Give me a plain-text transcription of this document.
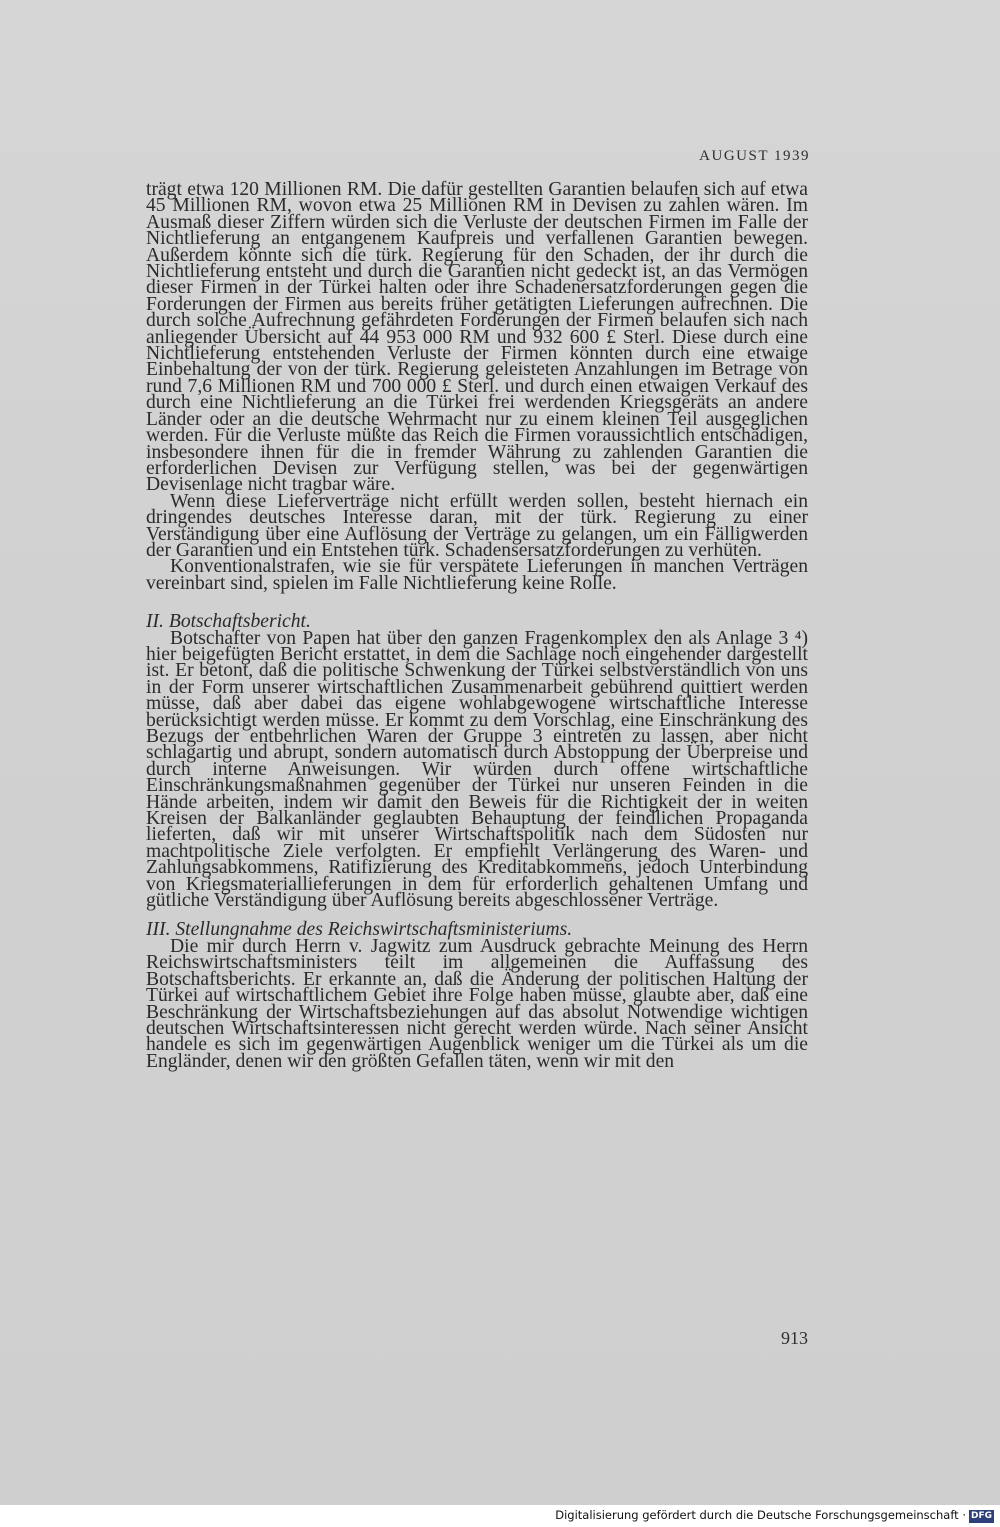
AUGUST 1939

trägt etwa 120 Millionen RM. Die dafür gestellten Garantien belaufen sich auf etwa 45 Millionen RM, wovon etwa 25 Millionen RM in Devisen zu zahlen wären. Im Ausmaß dieser Ziffern würden sich die Verluste der deutschen Firmen im Falle der Nichtlieferung an entgangenem Kaufpreis und verfallenen Garantien bewegen. Außerdem könnte sich die türk. Regierung für den Schaden, der ihr durch die Nichtlieferung entsteht und durch die Garantien nicht gedeckt ist, an das Vermögen dieser Firmen in der Türkei halten oder ihre Schadenersatzforderungen gegen die Forderungen der Firmen aus bereits früher getätigten Lieferungen aufrechnen. Die durch solche Aufrechnung gefährdeten Forderungen der Firmen belaufen sich nach anliegender Übersicht auf 44 953 000 RM und 932 600 £ Sterl. Diese durch eine Nichtlieferung entstehenden Verluste der Firmen könnten durch eine etwaige Einbehaltung der von der türk. Regierung geleisteten Anzahlungen im Betrage von rund 7,6 Millionen RM und 700 000 £ Sterl. und durch einen etwaigen Verkauf des durch eine Nichtlieferung an die Türkei frei werdenden Kriegsgeräts an andere Länder oder an die deutsche Wehrmacht nur zu einem kleinen Teil ausgeglichen werden. Für die Verluste müßte das Reich die Firmen voraussichtlich entschädigen, insbesondere ihnen für die in fremder Währung zu zahlenden Garantien die erforderlichen Devisen zur Verfügung stellen, was bei der gegenwärtigen Devisenlage nicht tragbar wäre.

Wenn diese Lieferverträge nicht erfüllt werden sollen, besteht hiernach ein dringendes deutsches Interesse daran, mit der türk. Regierung zu einer Verständigung über eine Auflösung der Verträge zu gelangen, um ein Fälligwerden der Garantien und ein Entstehen türk. Schadensersatzforderungen zu verhüten.

Konventionalstrafen, wie sie für verspätete Lieferungen in manchen Verträgen vereinbart sind, spielen im Falle Nichtlieferung keine Rolle.

II. Botschaftsbericht.

Botschafter von Papen hat über den ganzen Fragenkomplex den als Anlage 3 ⁴) hier beigefügten Bericht erstattet, in dem die Sachlage noch eingehender dargestellt ist. Er betont, daß die politische Schwenkung der Türkei selbstverständlich von uns in der Form unserer wirtschaftlichen Zusammenarbeit gebührend quittiert werden müsse, daß aber dabei das eigene wohlabgewogene wirtschaftliche Interesse berücksichtigt werden müsse. Er kommt zu dem Vorschlag, eine Einschränkung des Bezugs der entbehrlichen Waren der Gruppe 3 eintreten zu lassen, aber nicht schlagartig und abrupt, sondern automatisch durch Abstoppung der Überpreise und durch interne Anweisungen. Wir würden durch offene wirtschaftliche Einschränkungsmaßnahmen gegenüber der Türkei nur unseren Feinden in die Hände arbeiten, indem wir damit den Beweis für die Richtigkeit der in weiten Kreisen der Balkanländer geglaubten Behauptung der feindlichen Propaganda lieferten, daß wir mit unserer Wirtschaftspolitik nach dem Südosten nur machtpolitische Ziele verfolgten. Er empfiehlt Verlängerung des Waren- und Zahlungsabkommens, Ratifizierung des Kreditabkommens, jedoch Unterbindung von Kriegsmateriallieferungen in dem für erforderlich gehaltenen Umfang und gütliche Verständigung über Auflösung bereits abgeschlossener Verträge.

III. Stellungnahme des Reichswirtschaftsministeriums.

Die mir durch Herrn v. Jagwitz zum Ausdruck gebrachte Meinung des Herrn Reichswirtschaftsministers teilt im allgemeinen die Auffassung des Botschaftsberichts. Er erkannte an, daß die Änderung der politischen Haltung der Türkei auf wirtschaftlichem Gebiet ihre Folge haben müsse, glaubte aber, daß eine Beschränkung der Wirtschaftsbeziehungen auf das absolut Notwendige wichtigen deutschen Wirtschaftsinteressen nicht gerecht werden würde. Nach seiner Ansicht handele es sich im gegenwärtigen Augenblick weniger um die Türkei als um die Engländer, denen wir den größten Gefallen täten, wenn wir mit den

913
Digitalisierung gefördert durch die Deutsche Forschungsgemeinschaft · DFG
